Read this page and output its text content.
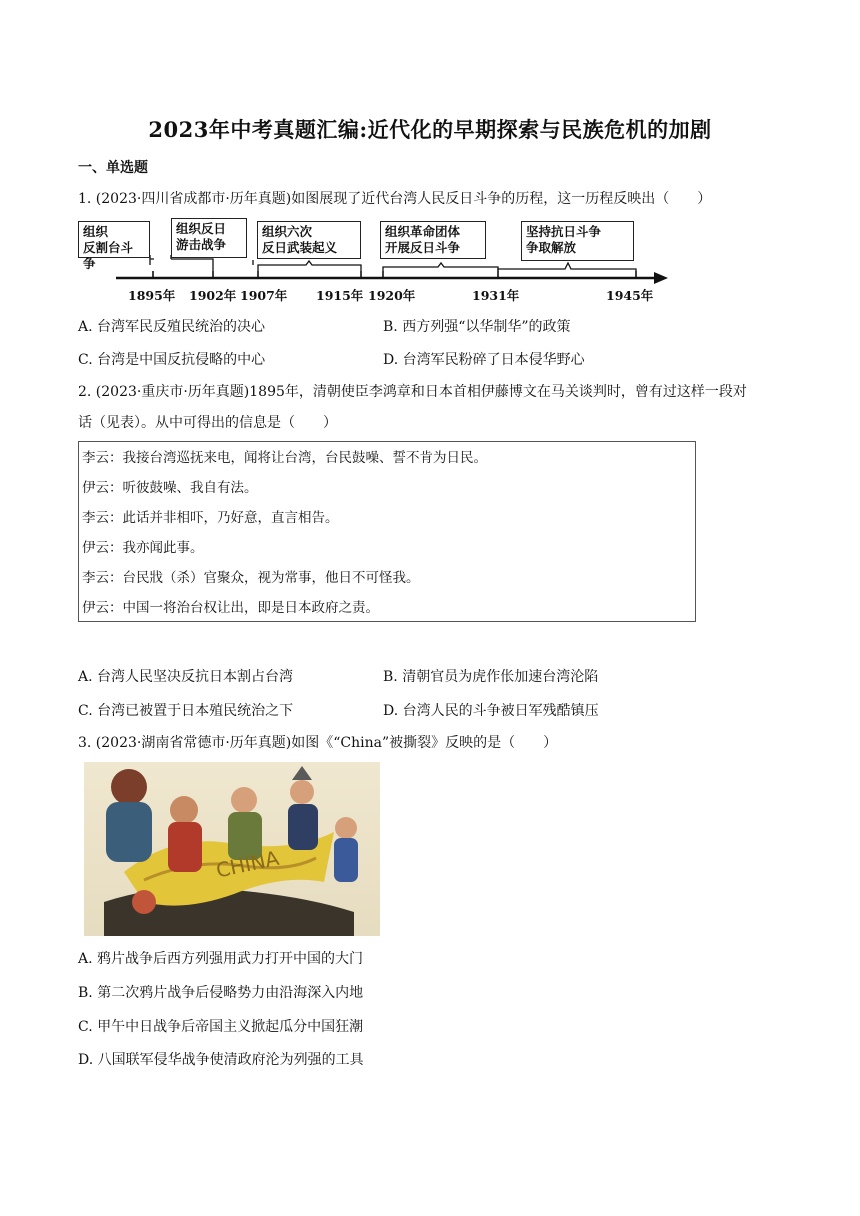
2023年中考真题汇编:近代化的早期探索与民族危机的加剧
一、单选题
1. (2023·四川省成都市·历年真题)如图展现了近代台湾人民反日斗争的历程，这一历程反映出（　　）
组织
反割台斗争
组织反日
游击战争
组织六次
反日武装起义
组织革命团体
开展反日斗争
坚持抗日斗争
争取解放
1895年 1902年 1907年 1915年 1920年	1931年	1945年
A. 台湾军民反殖民统治的决心	B. 西方列强“以华制华”的政策
C. 台湾是中国反抗侵略的中心	D. 台湾军民粉碎了日本侵华野心
2. (2023·重庆市·历年真题)1895年，清朝使臣李鸿章和日本首相伊藤博文在马关谈判时，曾有过这样一段对
话（见表）。从中可得出的信息是（　　）
李云：我接台湾巡抚来电，闻将让台湾，台民鼓噪、誓不肯为日民。
伊云：听彼鼓噪、我自有法。
李云：此话并非相吓，乃好意，直言相告。
伊云：我亦闻此事。
李云：台民戕（杀）官聚众，视为常事，他日不可怪我。
伊云：中国一将治台权让出，即是日本政府之责。
A. 台湾人民坚决反抗日本割占台湾	B. 清朝官员为虎作伥加速台湾沦陷
C. 台湾已被置于日本殖民统治之下	D. 台湾人民的斗争被日军残酷镇压
3. (2023·湖南省常德市·历年真题)如图《“China”被撕裂》反映的是（　　）
CHINA
A. 鸦片战争后西方列强用武力打开中国的大门
B. 第二次鸦片战争后侵略势力由沿海深入内地
C. 甲午中日战争后帝国主义掀起瓜分中国狂潮
D. 八国联军侵华战争使清政府沦为列强的工具
